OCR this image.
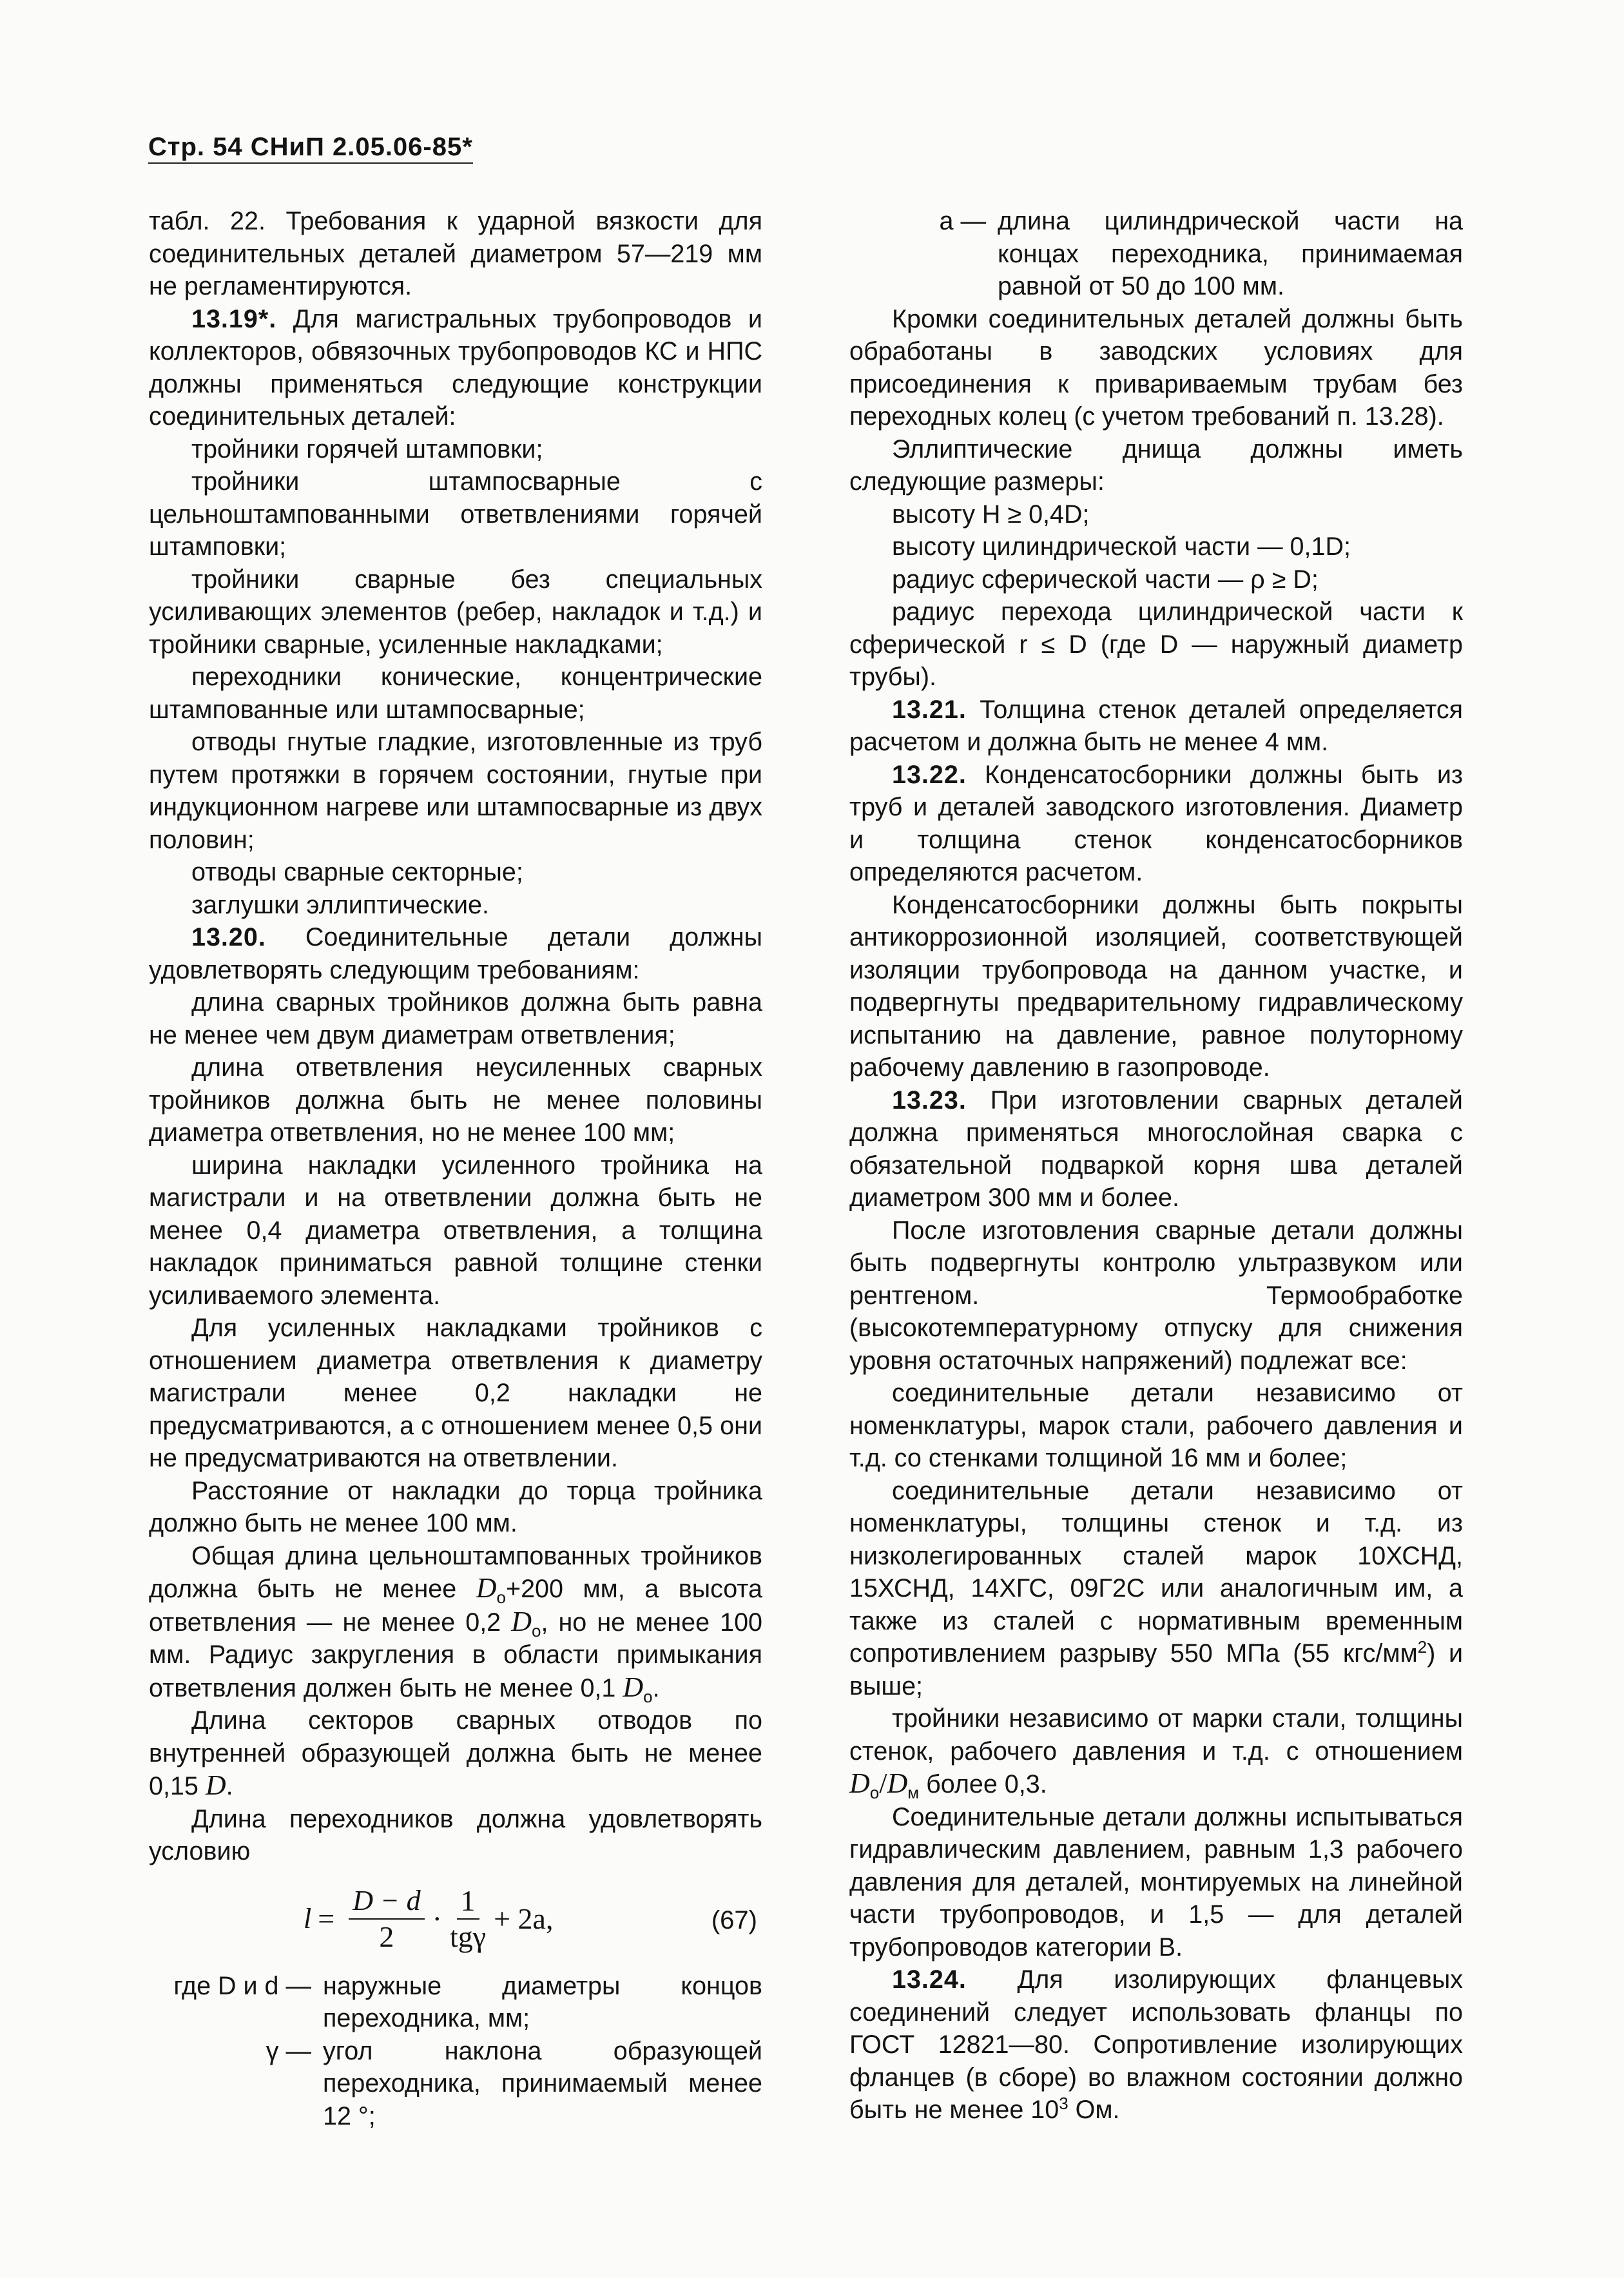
Стр. 54 СНиП 2.05.06-85*

табл. 22. Требования к ударной вязкости для соединительных деталей диаметром 57—219 мм не регламентируются.

13.19*. Для магистральных трубопроводов и коллекторов, обвязочных трубопроводов КС и НПС должны применяться следующие конструкции соединительных деталей:

тройники горячей штамповки;

тройники штампосварные с цельноштампованными ответвлениями горячей штамповки;

тройники сварные без специальных усиливающих элементов (ребер, накладок и т.д.) и тройники сварные, усиленные накладками;

переходники конические, концентрические штампованные или штампосварные;

отводы гнутые гладкие, изготовленные из труб путем протяжки в горячем состоянии, гнутые при индукционном нагреве или штампосварные из двух половин;

отводы сварные секторные;

заглушки эллиптические.

13.20. Соединительные детали должны удовлетворять следующим требованиям:

длина сварных тройников должна быть равна не менее чем двум диаметрам ответвления;

длина ответвления неусиленных сварных тройников должна быть не менее половины диаметра ответвления, но не менее 100 мм;

ширина накладки усиленного тройника на магистрали и на ответвлении должна быть не менее 0,4 диаметра ответвления, а толщина накладок приниматься равной толщине стенки усиливаемого элемента.

Для усиленных накладками тройников с отношением диаметра ответвления к диаметру магистрали менее 0,2 накладки не предусматриваются, а с отношением менее 0,5 они не предусматриваются на ответвлении.

Расстояние от накладки до торца тройника должно быть не менее 100 мм.

Общая длина цельноштампованных тройников должна быть не менее $D_о+200$ мм, а высота ответвления — не менее 0,2 $D_о$, но не менее 100 мм. Радиус закругления в области примыкания ответвления должен быть не менее 0,1 $D_о$.

Длина секторов сварных отводов по внутренней образующей должна быть не менее 0,15 D.

Длина переходников должна удовлетворять условию

$l = \frac{D - d}{2} \cdot \frac{1}{\text{tgγ}} + 2a$,	(67)
где D и d — наружные диаметры концов переходника, мм;
γ — угол наклона образующей переходника, принимаемый менее 12 °;
a — длина цилиндрической части на концах переходника, принимаемая равной от 50 до 100 мм.

Кромки соединительных деталей должны быть обработаны в заводских условиях для присоединения к привариваемым трубам без переходных колец (с учетом требований п. 13.28).

Эллиптические днища должны иметь следующие размеры:

высоту H ≥ 0,4D;

высоту цилиндрической части — 0,1D;

радиус сферической части — ρ ≥ D;

радиус перехода цилиндрической части к сферической r ≤ D (где D — наружный диаметр трубы).

13.21. Толщина стенок деталей определяется расчетом и должна быть не менее 4 мм.

13.22. Конденсатосборники должны быть из труб и деталей заводского изготовления. Диаметр и толщина стенок конденсатосборников определяются расчетом.

Конденсатосборники должны быть покрыты антикоррозионной изоляцией, соответствующей изоляции трубопровода на данном участке, и подвергнуты предварительному гидравлическому испытанию на давление, равное полуторному рабочему давлению в газопроводе.

13.23. При изготовлении сварных деталей должна применяться многослойная сварка с обязательной подваркой корня шва деталей диаметром 300 мм и более.

После изготовления сварные детали должны быть подвергнуты контролю ультразвуком или рентгеном. Термообработке (высокотемпературному отпуску для снижения уровня остаточных напряжений) подлежат все:

соединительные детали независимо от номенклатуры, марок стали, рабочего давления и т.д. со стенками толщиной 16 мм и более;

соединительные детали независимо от номенклатуры, толщины стенок и т.д. из низколегированных сталей марок 10ХСНД, 15ХСНД, 14ХГС, 09Г2С или аналогичным им, а также из сталей с нормативным временным сопротивлением разрыву 550 МПа (55 кгс/$мм^2$) и выше;

тройники независимо от марки стали, толщины стенок, рабочего давления и т.д. с отношением $D_о/D_м$ более 0,3.

Соединительные детали должны испытываться гидравлическим давлением, равным 1,3 рабочего давления для деталей, монтируемых на линейной части трубопроводов, и 1,5 — для деталей трубопроводов категории В.

13.24. Для изолирующих фланцевых соединений следует использовать фланцы по ГОСТ 12821—80. Сопротивление изолирующих фланцев (в сборе) во влажном состоянии должно быть не менее $10^3$ Ом.
